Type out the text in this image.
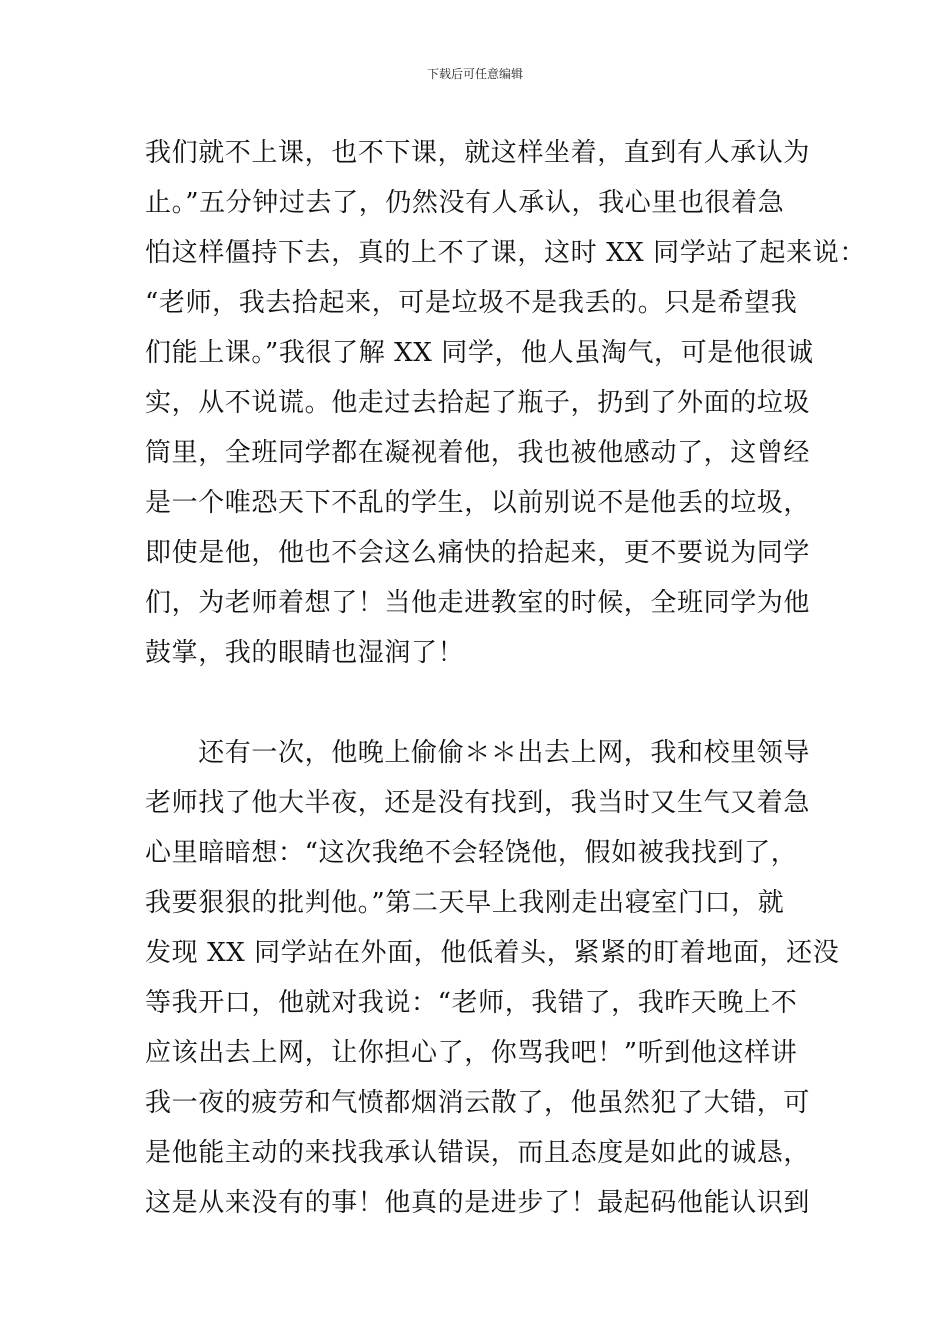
下载后可任意编辑
我们就不上课，也不下课，就这样坐着，直到有人承认为
止。”五分钟过去了，仍然没有人承认，我心里也很着急
怕这样僵持下去，真的上不了课，这时 XX 同学站了起来说：
“老师，我去拾起来，可是垃圾不是我丢的。只是希望我
们能上课。”我很了解 XX 同学，他人虽淘气，可是他很诚
实，从不说谎。他走过去拾起了瓶子，扔到了外面的垃圾
筒里，全班同学都在凝视着他，我也被他感动了，这曾经
是一个唯恐天下不乱的学生，以前别说不是他丢的垃圾，
即使是他，他也不会这么痛快的拾起来，更不要说为同学
们，为老师着想了！当他走进教室的时候，全班同学为他
鼓掌，我的眼睛也湿润了！
　　还有一次，他晚上偷偷＊＊出去上网，我和校里领导
老师找了他大半夜，还是没有找到，我当时又生气又着急
心里暗暗想：“这次我绝不会轻饶他，假如被我找到了，
我要狠狠的批判他。”第二天早上我刚走出寝室门口，就
发现 XX 同学站在外面，他低着头，紧紧的盯着地面，还没
等我开口，他就对我说：“老师，我错了，我昨天晚上不
应该出去上网，让你担心了，你骂我吧！”听到他这样讲
我一夜的疲劳和气愤都烟消云散了，他虽然犯了大错，可
是他能主动的来找我承认错误，而且态度是如此的诚恳，
这是从来没有的事！他真的是进步了！最起码他能认识到
